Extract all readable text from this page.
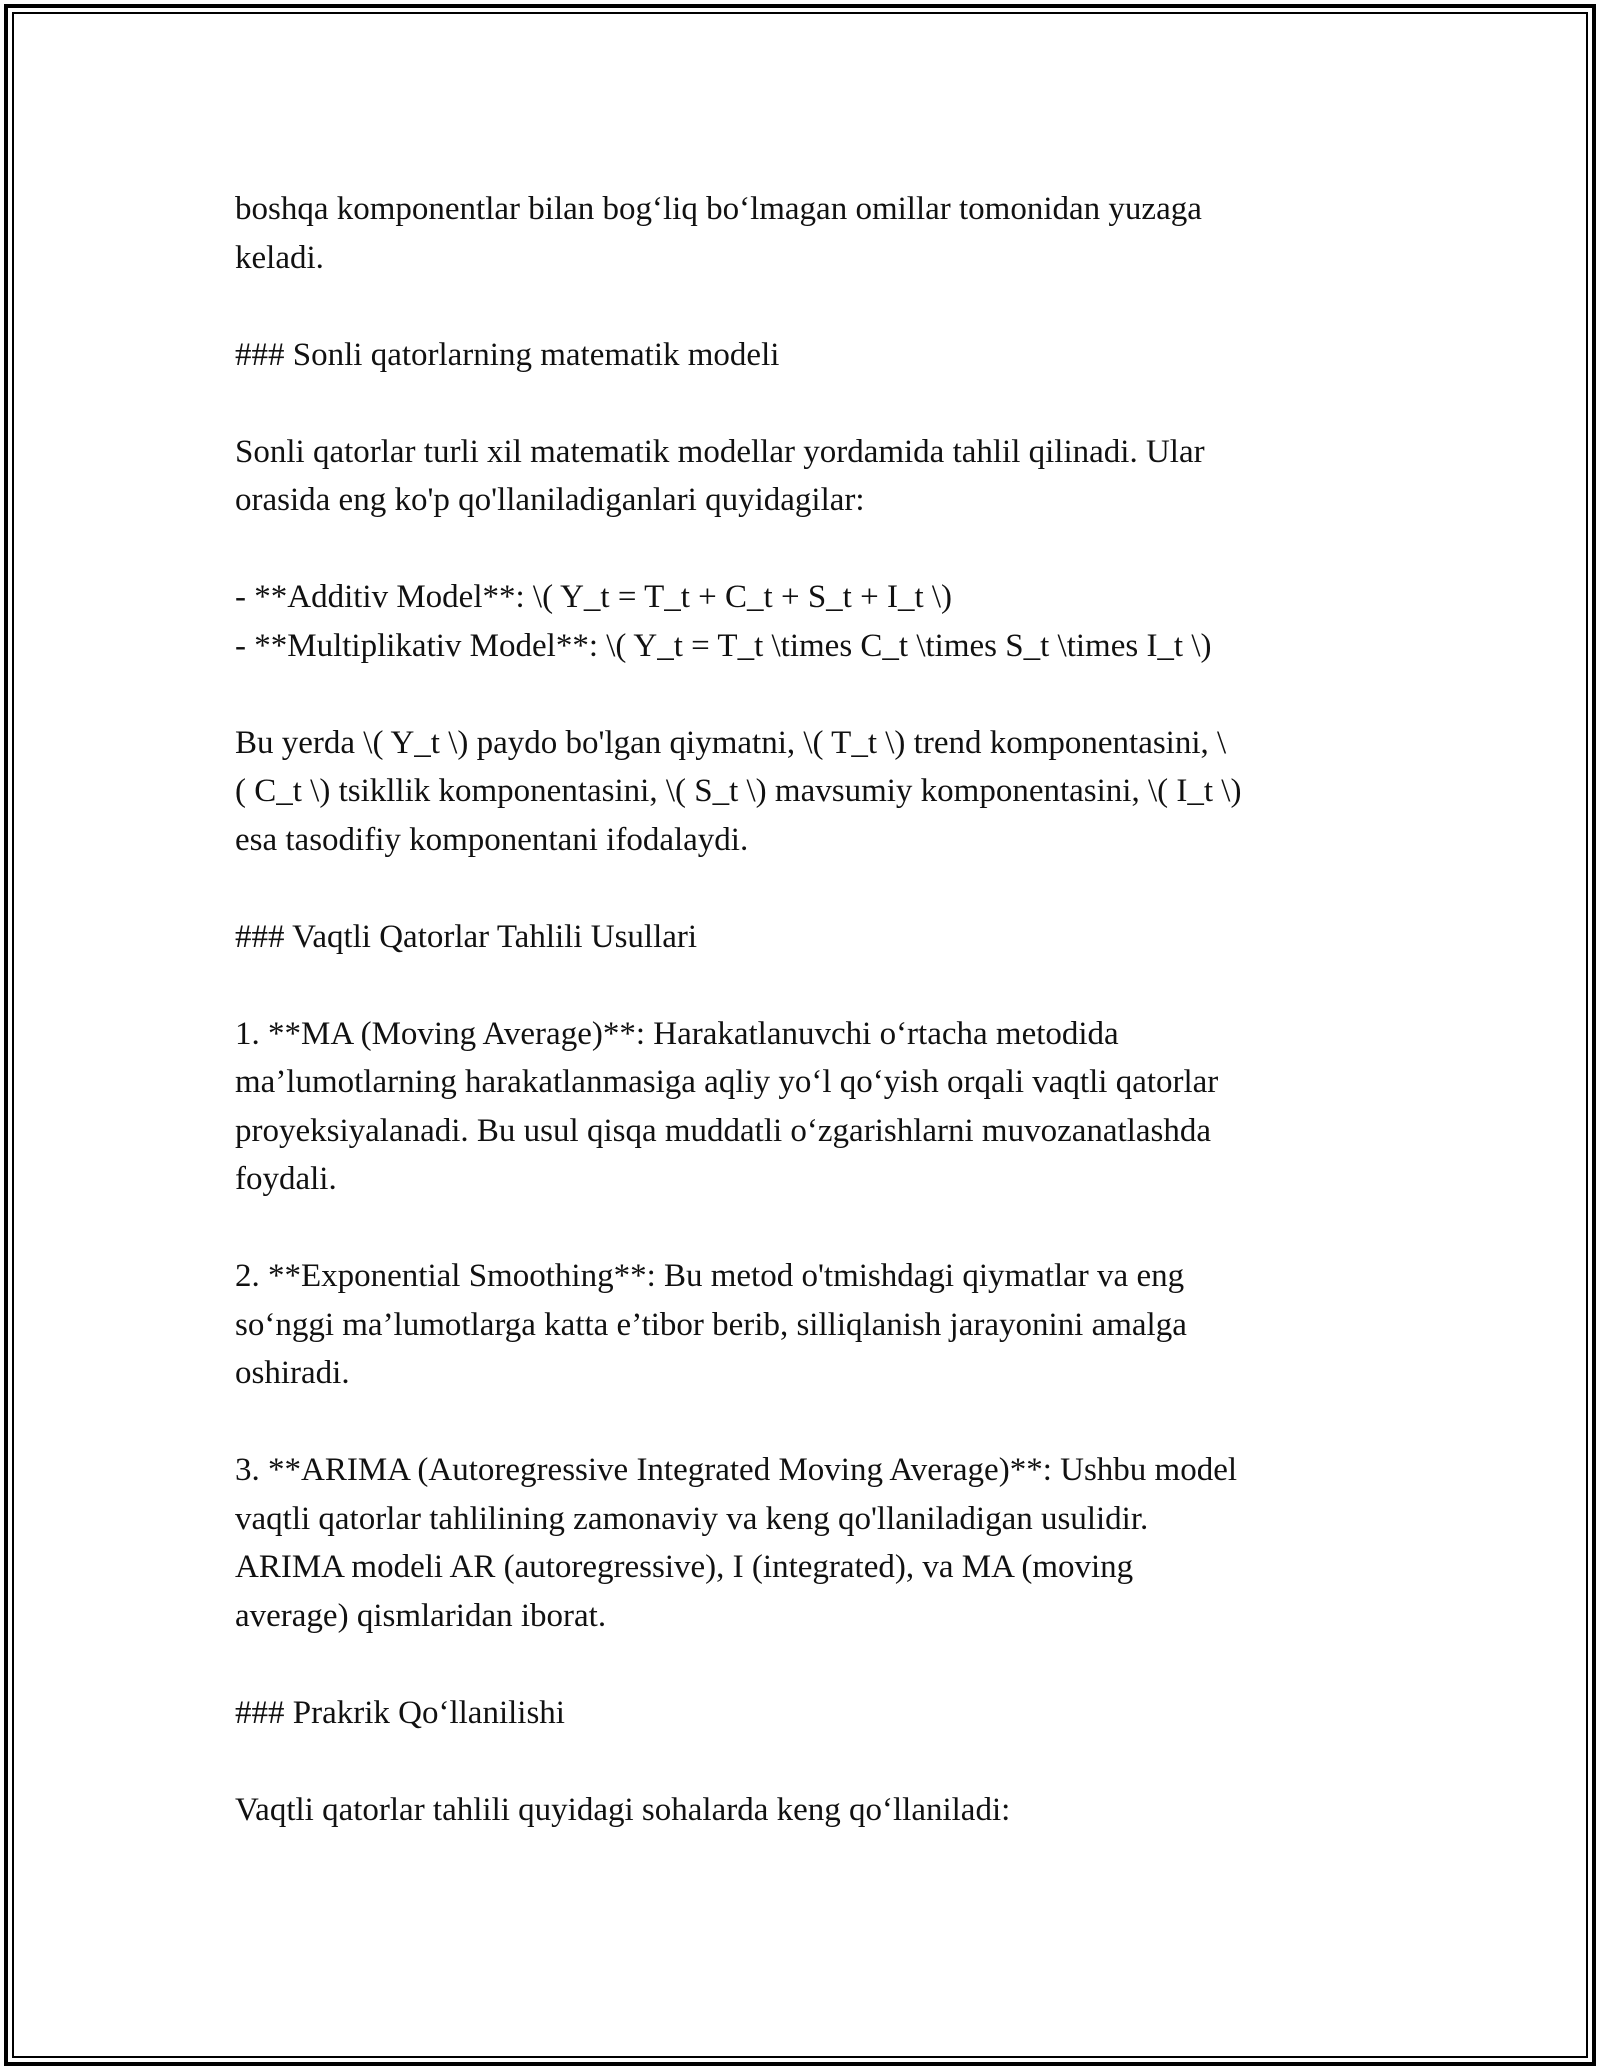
boshqa komponentlar bilan bog‘liq bo‘lmagan omillar tomonidan yuzaga
keladi.

### Sonli qatorlarning matematik modeli

Sonli qatorlar turli xil matematik modellar yordamida tahlil qilinadi. Ular
orasida eng ko'p qo'llaniladiganlari quyidagilar:

- **Additiv Model**: \( Y_t = T_t + C_t + S_t + I_t \)
- **Multiplikativ Model**: \( Y_t = T_t \times C_t \times S_t \times I_t \)

Bu yerda \( Y_t \) paydo bo'lgan qiymatni, \( T_t \) trend komponentasini, \
( C_t \) tsikllik komponentasini, \( S_t \) mavsumiy komponentasini, \( I_t \)
esa tasodifiy komponentani ifodalaydi.

### Vaqtli Qatorlar Tahlili Usullari

1. **MA (Moving Average)**: Harakatlanuvchi o‘rtacha metodida
ma’lumotlarning harakatlanmasiga aqliy yo‘l qo‘yish orqali vaqtli qatorlar
proyeksiyalanadi. Bu usul qisqa muddatli o‘zgarishlarni muvozanatlashda
foydali.

2. **Exponential Smoothing**: Bu metod o'tmishdagi qiymatlar va eng
so‘nggi ma’lumotlarga katta e’tibor berib, silliqlanish jarayonini amalga
oshiradi.

3. **ARIMA (Autoregressive Integrated Moving Average)**: Ushbu model
vaqtli qatorlar tahlilining zamonaviy va keng qo'llaniladigan usulidir.
ARIMA modeli AR (autoregressive), I (integrated), va MA (moving
average) qismlaridan iborat.

### Prakrik Qo‘llanilishi

Vaqtli qatorlar tahlili quyidagi sohalarda keng qo‘llaniladi:
